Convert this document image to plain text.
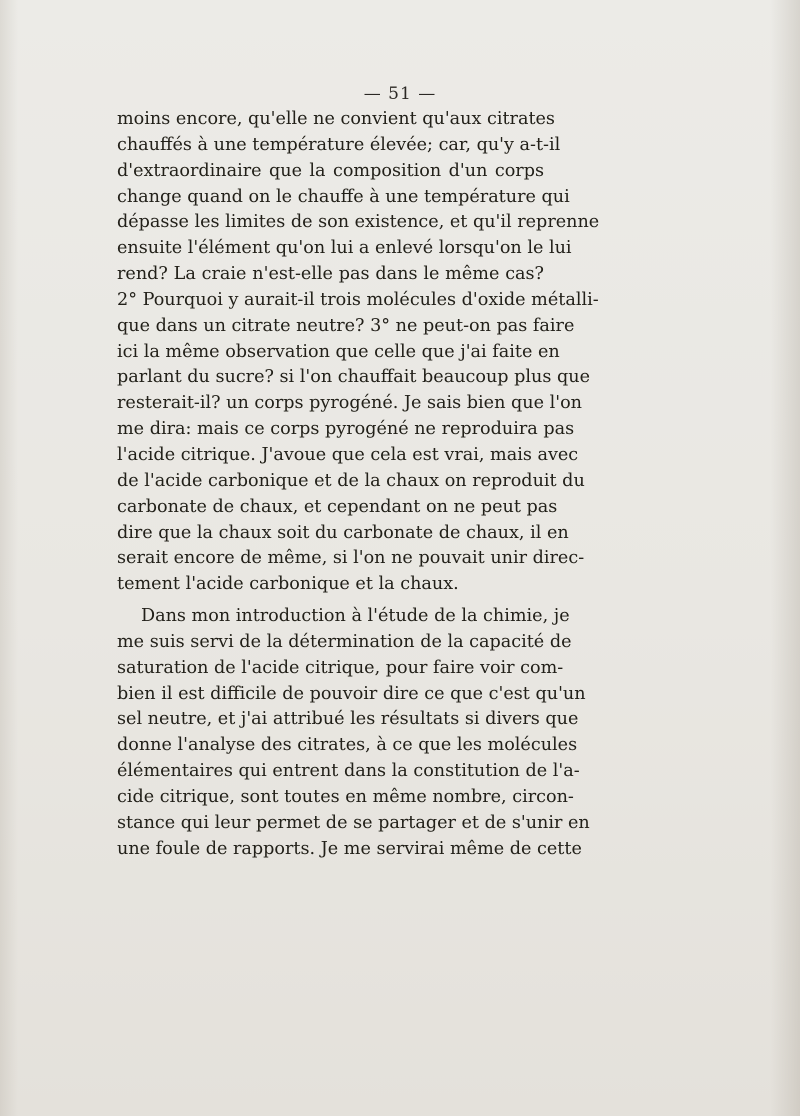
— 51 —
moins encore, qu'elle ne convient qu'aux citrates
chauffés à une température élevée; car, qu'y a-t-il
d'extraordinaire que la composition d'un corps
change quand on le chauffe à une température qui
dépasse les limites de son existence, et qu'il reprenne
ensuite l'élément qu'on lui a enlevé lorsqu'on le lui
rend? La craie n'est-elle pas dans le même cas?
2° Pourquoi y aurait-il trois molécules d'oxide métalli-
que dans un citrate neutre? 3° ne peut-on pas faire
ici la même observation que celle que j'ai faite en
parlant du sucre? si l'on chauffait beaucoup plus que
resterait-il? un corps pyrogéné. Je sais bien que l'on
me dira: mais ce corps pyrogéné ne reproduira pas
l'acide citrique. J'avoue que cela est vrai, mais avec
de l'acide carbonique et de la chaux on reproduit du
carbonate de chaux, et cependant on ne peut pas
dire que la chaux soit du carbonate de chaux, il en
serait encore de même, si l'on ne pouvait unir direc-
tement l'acide carbonique et la chaux.
Dans mon introduction à l'étude de la chimie, je
me suis servi de la détermination de la capacité de
saturation de l'acide citrique, pour faire voir com-
bien il est difficile de pouvoir dire ce que c'est qu'un
sel neutre, et j'ai attribué les résultats si divers que
donne l'analyse des citrates, à ce que les molécules
élémentaires qui entrent dans la constitution de l'a-
cide citrique, sont toutes en même nombre, circon-
stance qui leur permet de se partager et de s'unir en
une foule de rapports. Je me servirai même de cette
